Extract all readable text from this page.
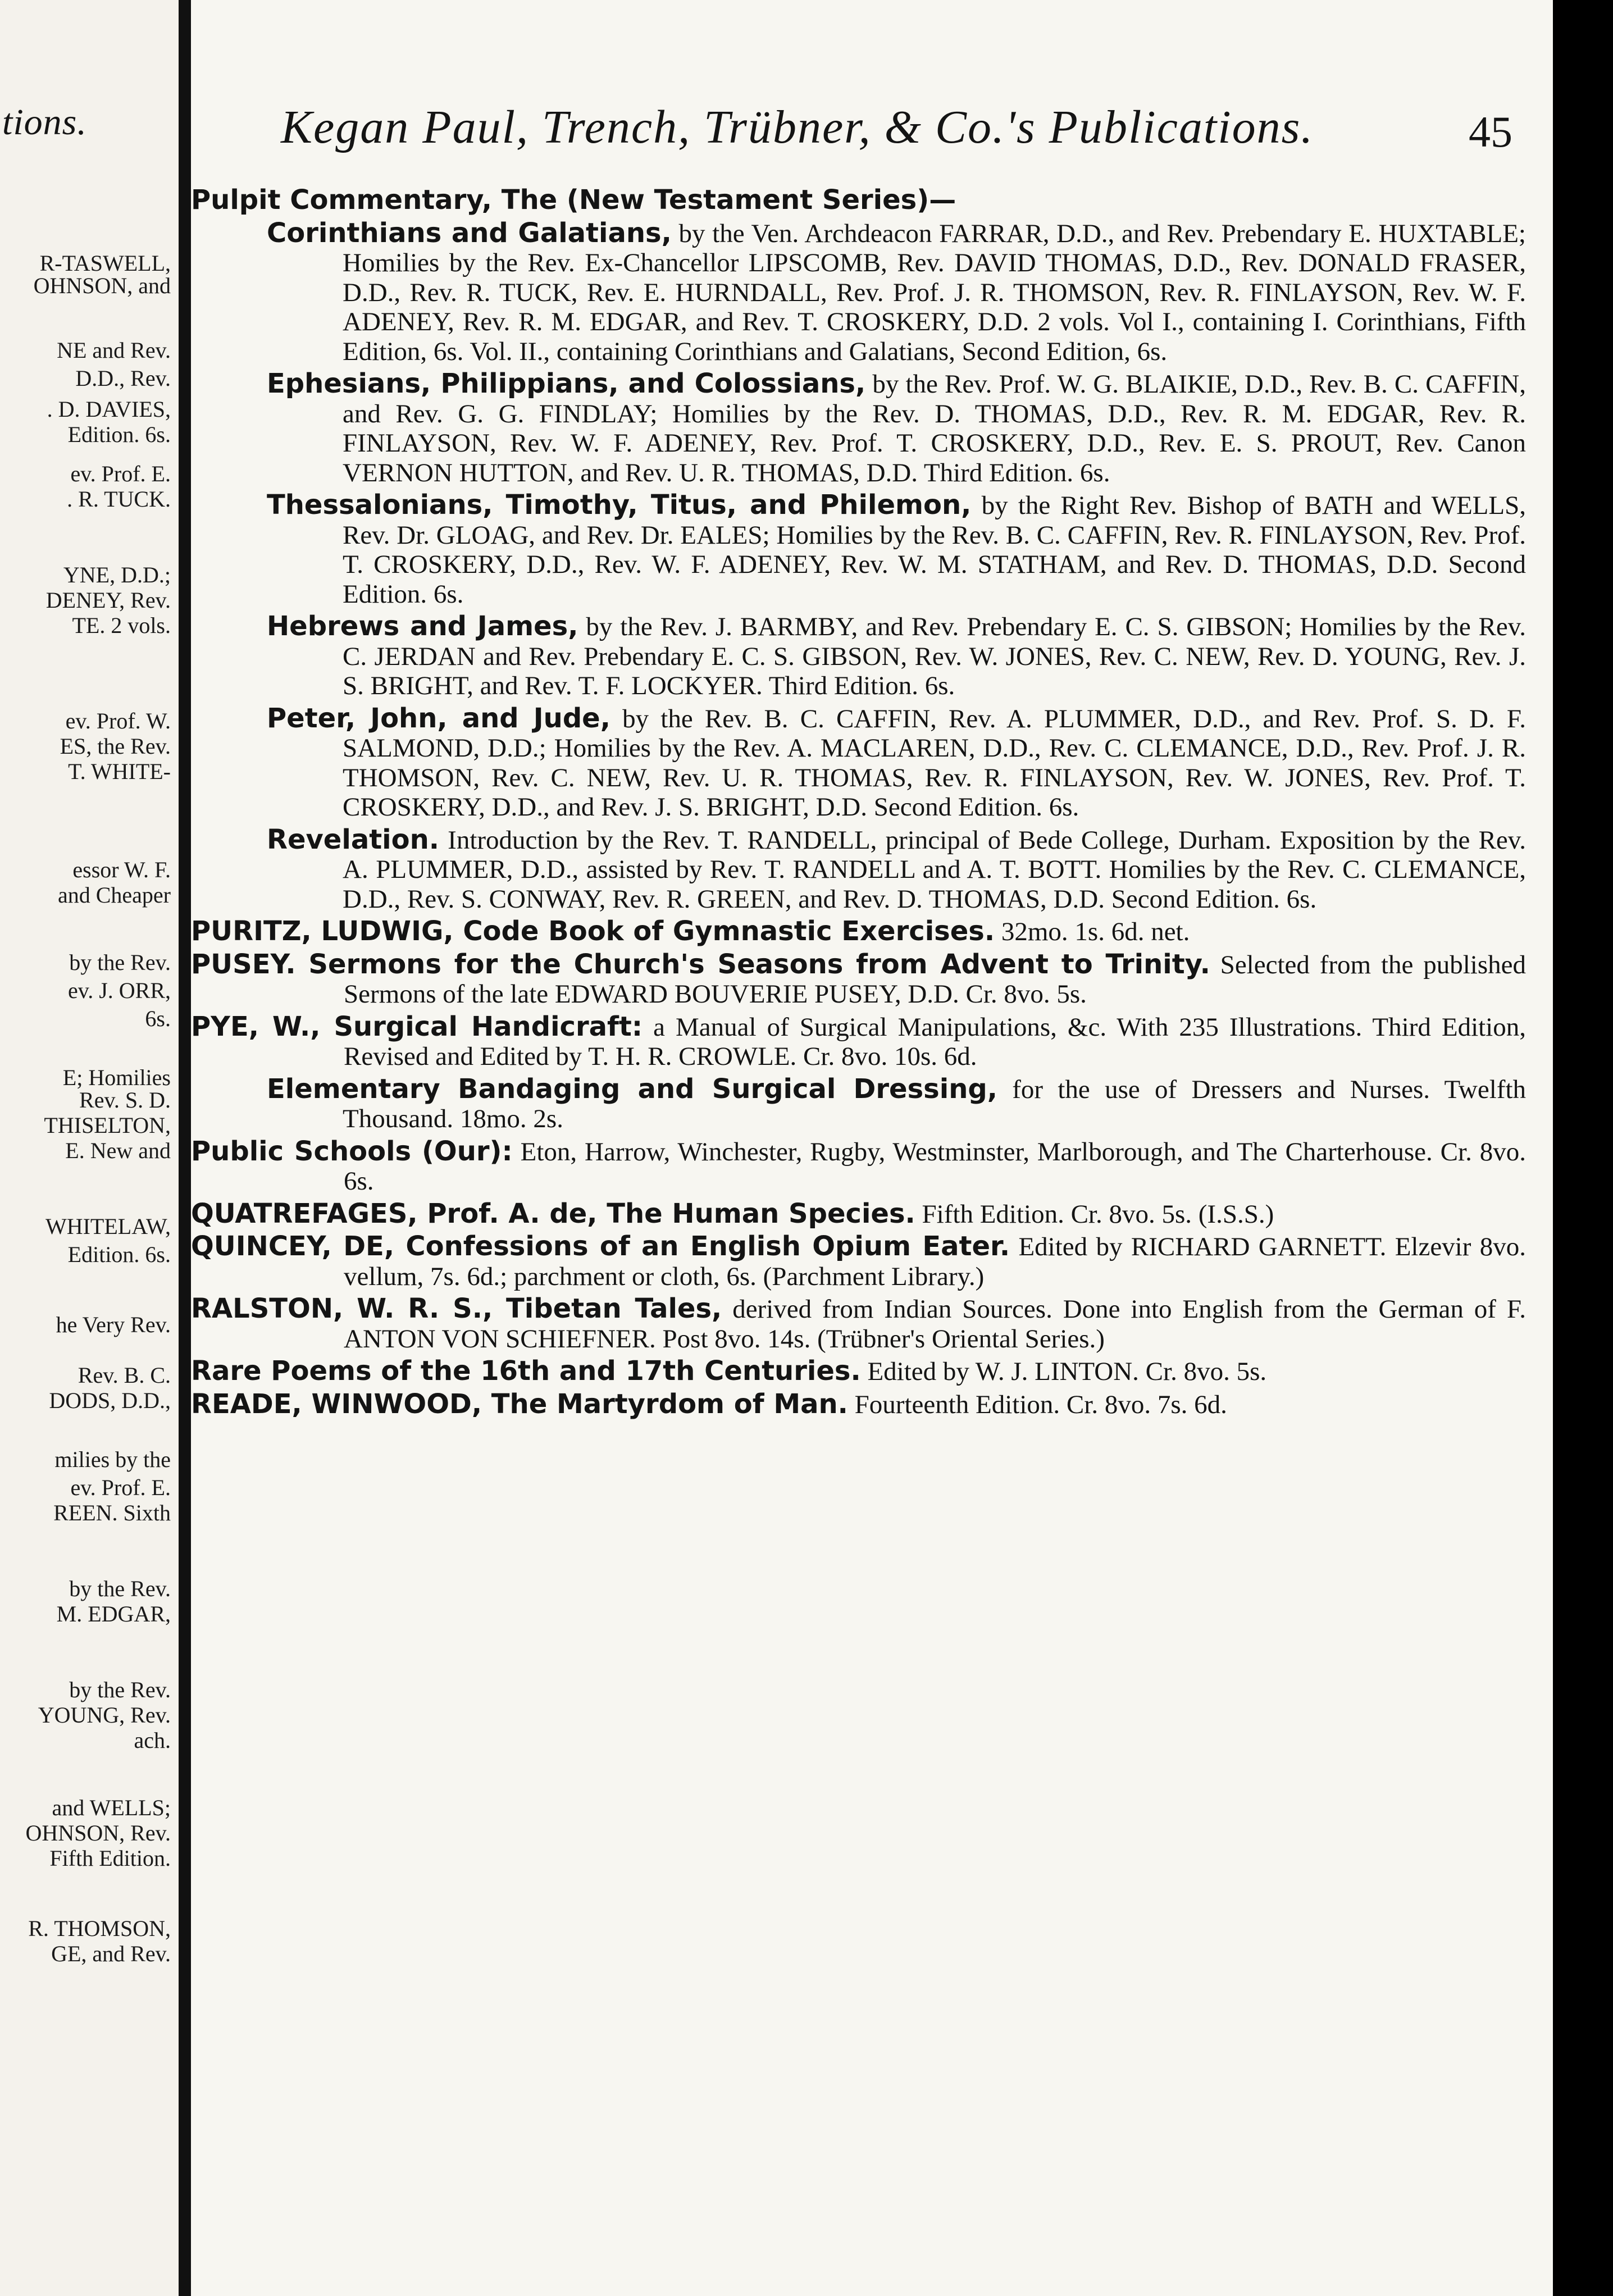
tions.
R-TASWELL,
OHNSON, and
NE and Rev.
D.D., Rev.
. D. DAVIES,
Edition. 6s.
ev. Prof. E.
. R. TUCK.
YNE, D.D.;
DENEY, Rev.
TE. 2 vols.
ev. Prof. W.
ES, the Rev.
T. WHITE-
essor W. F.
and Cheaper
by the Rev.
ev. J. ORR,
6s.
E; Homilies
Rev. S. D.
THISELTON,
E. New and
WHITELAW,
Edition. 6s.
he Very Rev.
Rev. B. C.
DODS, D.D.,
milies by the
ev. Prof. E.
REEN. Sixth
by the Rev.
M. EDGAR,
by the Rev.
YOUNG, Rev.
ach.
and WELLS;
OHNSON, Rev.
Fifth Edition.
R. THOMSON,
GE, and Rev.
Kegan Paul, Trench, Trübner, & Co.'s Publications.	45
Pulpit Commentary, The (New Testament Series)—
Corinthians and Galatians, by the Ven. Archdeacon FARRAR, D.D., and Rev. Prebendary E. HUXTABLE; Homilies by the Rev. Ex-Chancellor LIPSCOMB, Rev. DAVID THOMAS, D.D., Rev. DONALD FRASER, D.D., Rev. R. TUCK, Rev. E. HURNDALL, Rev. Prof. J. R. THOMSON, Rev. R. FINLAYSON, Rev. W. F. ADENEY, Rev. R. M. EDGAR, and Rev. T. CROSKERY, D.D. 2 vols. Vol I., containing I. Corinthians, Fifth Edition, 6s. Vol. II., containing Corinthians and Galatians, Second Edition, 6s.
Ephesians, Philippians, and Colossians, by the Rev. Prof. W. G. BLAIKIE, D.D., Rev. B. C. CAFFIN, and Rev. G. G. FINDLAY; Homilies by the Rev. D. THOMAS, D.D., Rev. R. M. EDGAR, Rev. R. FINLAYSON, Rev. W. F. ADENEY, Rev. Prof. T. CROSKERY, D.D., Rev. E. S. PROUT, Rev. Canon VERNON HUTTON, and Rev. U. R. THOMAS, D.D. Third Edition. 6s.
Thessalonians, Timothy, Titus, and Philemon, by the Right Rev. Bishop of BATH and WELLS, Rev. Dr. GLOAG, and Rev. Dr. EALES; Homilies by the Rev. B. C. CAFFIN, Rev. R. FINLAYSON, Rev. Prof. T. CROSKERY, D.D., Rev. W. F. ADENEY, Rev. W. M. STATHAM, and Rev. D. THOMAS, D.D. Second Edition. 6s.
Hebrews and James, by the Rev. J. BARMBY, and Rev. Prebendary E. C. S. GIBSON; Homilies by the Rev. C. JERDAN and Rev. Prebendary E. C. S. GIBSON, Rev. W. JONES, Rev. C. NEW, Rev. D. YOUNG, Rev. J. S. BRIGHT, and Rev. T. F. LOCKYER. Third Edition. 6s.
Peter, John, and Jude, by the Rev. B. C. CAFFIN, Rev. A. PLUMMER, D.D., and Rev. Prof. S. D. F. SALMOND, D.D.; Homilies by the Rev. A. MACLAREN, D.D., Rev. C. CLEMANCE, D.D., Rev. Prof. J. R. THOMSON, Rev. C. NEW, Rev. U. R. THOMAS, Rev. R. FINLAYSON, Rev. W. JONES, Rev. Prof. T. CROSKERY, D.D., and Rev. J. S. BRIGHT, D.D. Second Edition. 6s.
Revelation. Introduction by the Rev. T. RANDELL, principal of Bede College, Durham. Exposition by the Rev. A. PLUMMER, D.D., assisted by Rev. T. RANDELL and A. T. BOTT. Homilies by the Rev. C. CLEMANCE, D.D., Rev. S. CONWAY, Rev. R. GREEN, and Rev. D. THOMAS, D.D. Second Edition. 6s.
PURITZ, LUDWIG, Code Book of Gymnastic Exercises. 32mo. 1s. 6d. net.
PUSEY. Sermons for the Church's Seasons from Advent to Trinity. Selected from the published Sermons of the late EDWARD BOUVERIE PUSEY, D.D. Cr. 8vo. 5s.
PYE, W., Surgical Handicraft: a Manual of Surgical Manipulations, &c. With 235 Illustrations. Third Edition, Revised and Edited by T. H. R. CROWLE. Cr. 8vo. 10s. 6d.
Elementary Bandaging and Surgical Dressing, for the use of Dressers and Nurses. Twelfth Thousand. 18mo. 2s.
Public Schools (Our): Eton, Harrow, Winchester, Rugby, Westminster, Marlborough, and The Charterhouse. Cr. 8vo. 6s.
QUATREFAGES, Prof. A. de, The Human Species. Fifth Edition. Cr. 8vo. 5s. (I.S.S.)
QUINCEY, DE, Confessions of an English Opium Eater. Edited by RICHARD GARNETT. Elzevir 8vo. vellum, 7s. 6d.; parchment or cloth, 6s. (Parchment Library.)
RALSTON, W. R. S., Tibetan Tales, derived from Indian Sources. Done into English from the German of F. ANTON VON SCHIEFNER. Post 8vo. 14s. (Trübner's Oriental Series.)
Rare Poems of the 16th and 17th Centuries. Edited by W. J. LINTON. Cr. 8vo. 5s.
READE, WINWOOD, The Martyrdom of Man. Fourteenth Edition. Cr. 8vo. 7s. 6d.
